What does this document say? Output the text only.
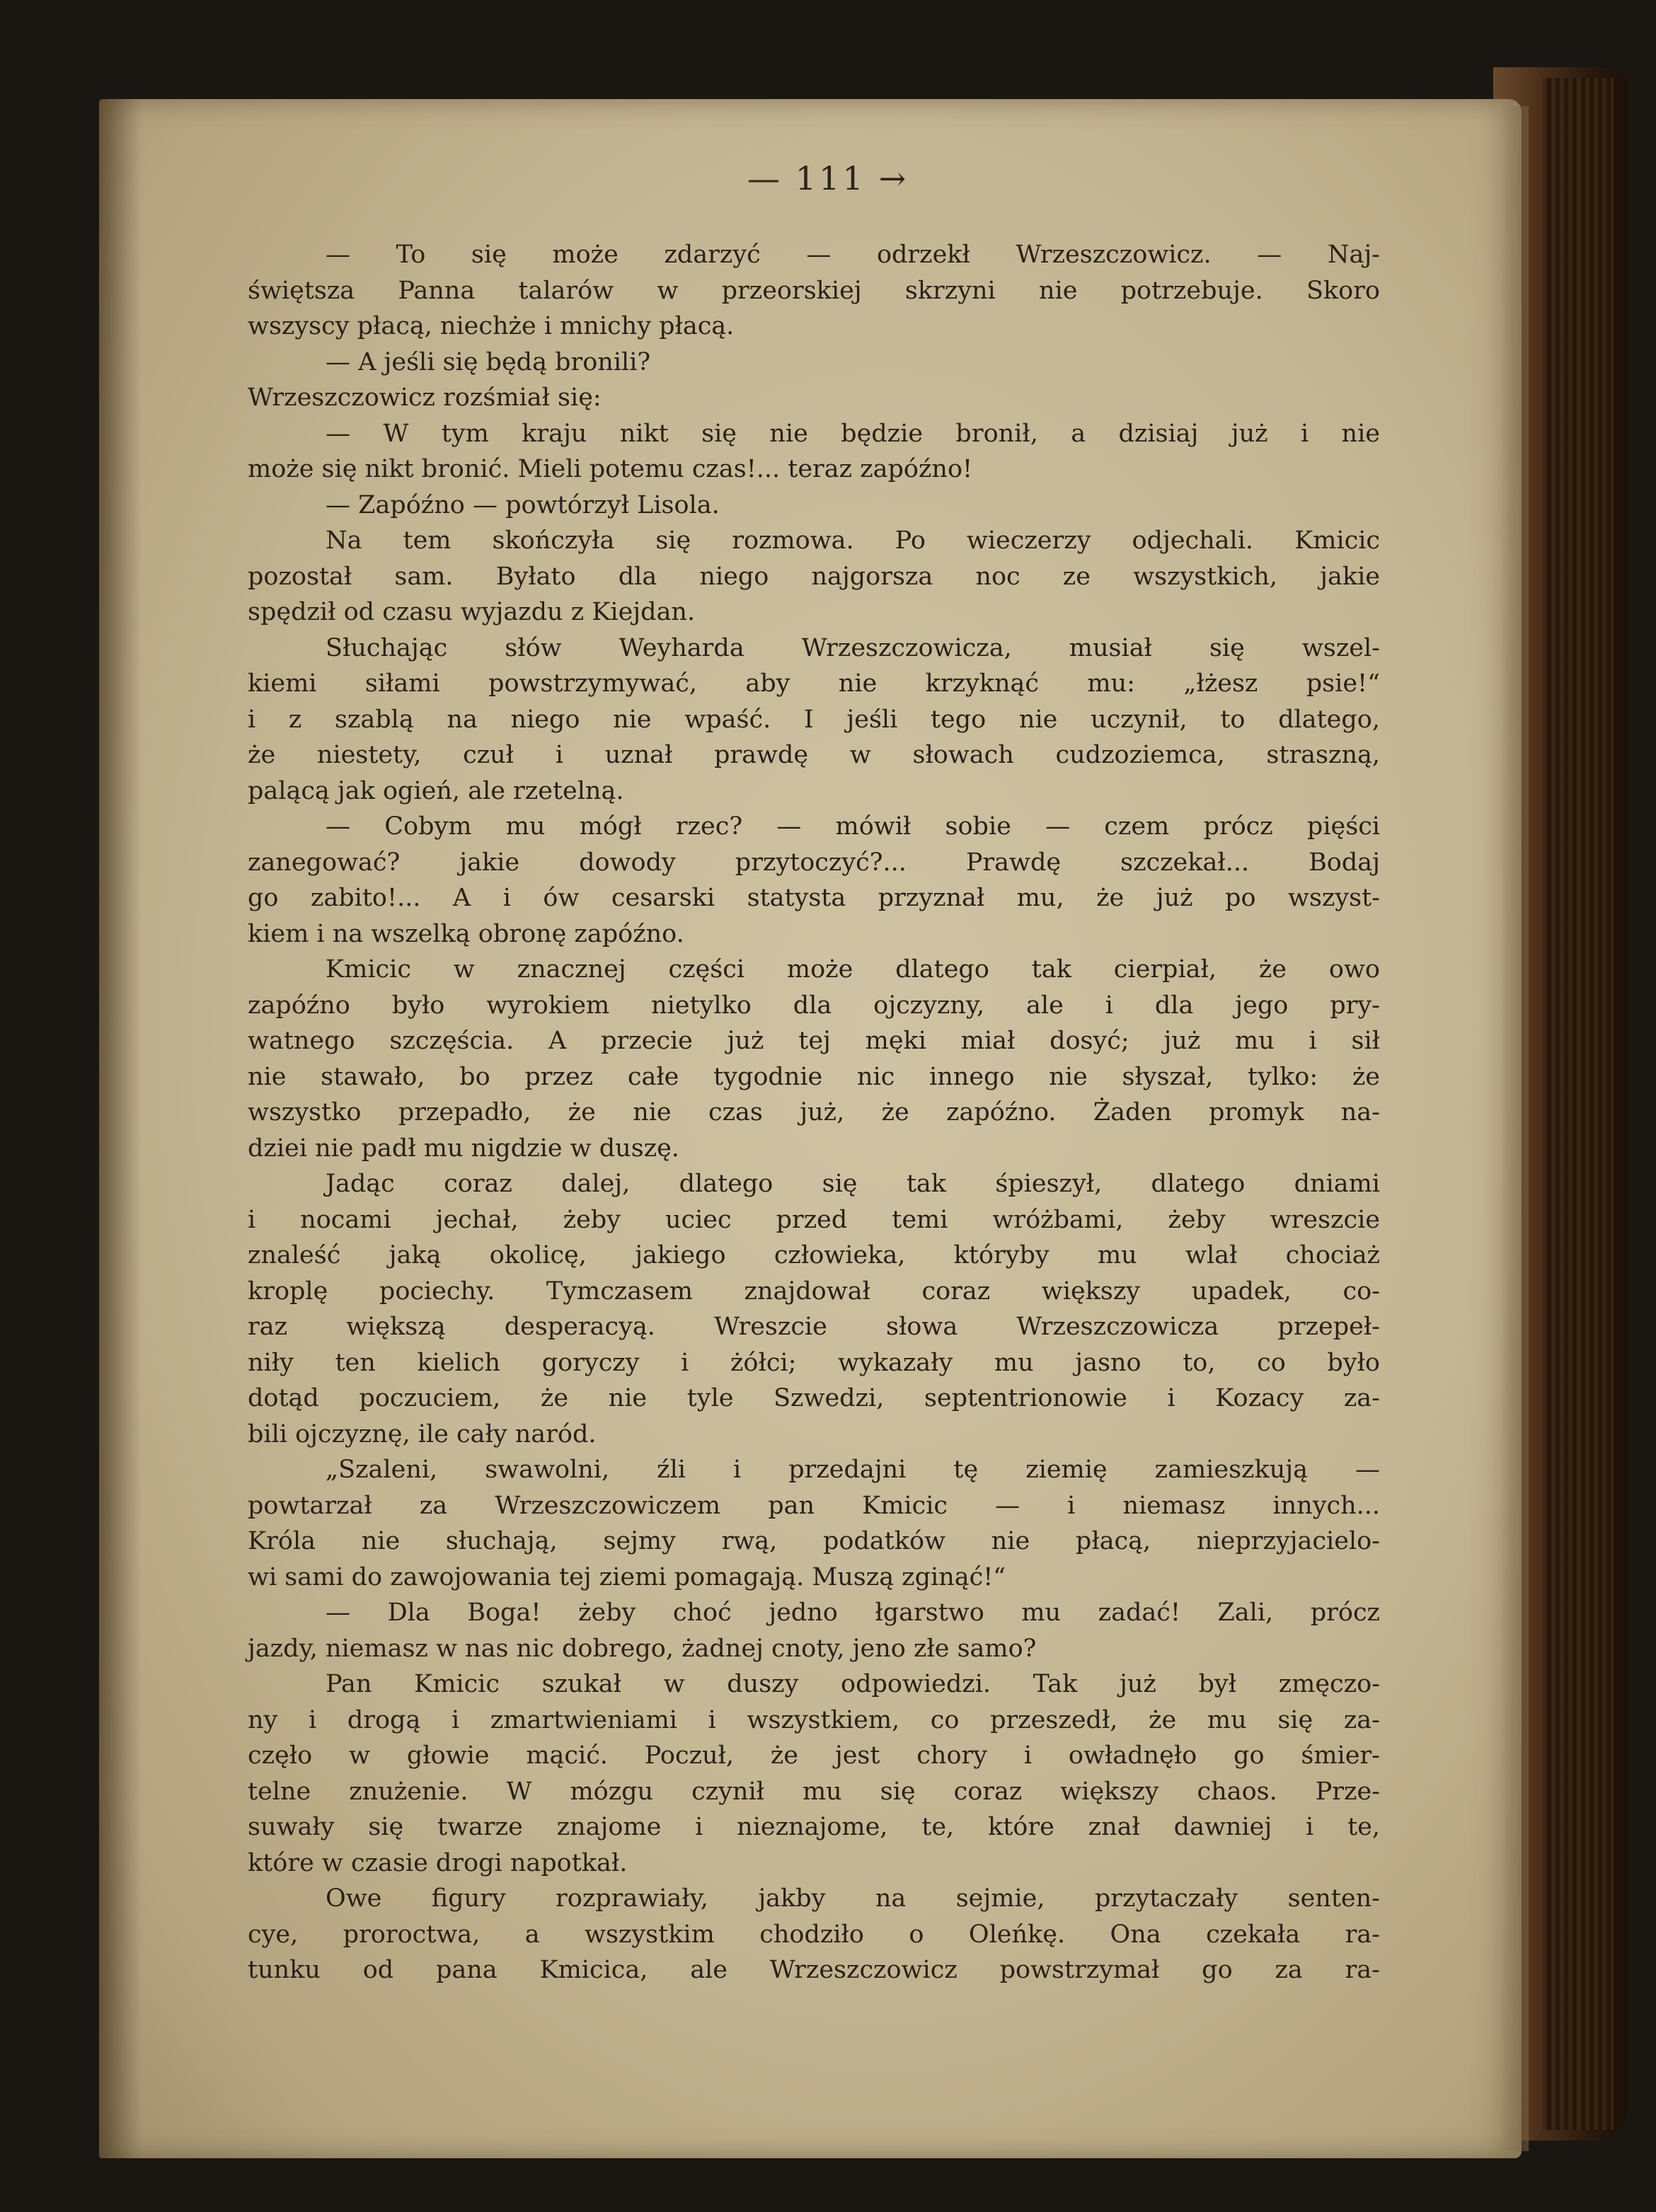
— 111 →
— To się może zdarzyć — odrzekł Wrzeszczowicz. — Naj-
świętsza Panna talarów w przeorskiej skrzyni nie potrzebuje. Skoro
wszyscy płacą, niechże i mnichy płacą.
— A jeśli się będą bronili?
Wrzeszczowicz rozśmiał się:
— W tym kraju nikt się nie będzie bronił, a dzisiaj już i nie
może się nikt bronić. Mieli potemu czas!... teraz zapóźno!
— Zapóźno — powtórzył Lisola.
Na tem skończyła się rozmowa. Po wieczerzy odjechali. Kmicic
pozostał sam. Byłato dla niego najgorsza noc ze wszystkich, jakie
spędził od czasu wyjazdu z Kiejdan.
Słuchając słów Weyharda Wrzeszczowicza, musiał się wszel-
kiemi siłami powstrzymywać, aby nie krzyknąć mu: „łżesz psie!“
i z szablą na niego nie wpaść. I jeśli tego nie uczynił, to dlatego,
że niestety, czuł i uznał prawdę w słowach cudzoziemca, straszną,
palącą jak ogień, ale rzetelną.
— Cobym mu mógł rzec? — mówił sobie — czem prócz pięści
zanegować? jakie dowody przytoczyć?... Prawdę szczekał... Bodaj
go zabito!... A i ów cesarski statysta przyznał mu, że już po wszyst-
kiem i na wszelką obronę zapóźno.
Kmicic w znacznej części może dlatego tak cierpiał, że owo
zapóźno było wyrokiem nietylko dla ojczyzny, ale i dla jego pry-
watnego szczęścia. A przecie już tej męki miał dosyć; już mu i sił
nie stawało, bo przez całe tygodnie nic innego nie słyszał, tylko: że
wszystko przepadło, że nie czas już, że zapóźno. Żaden promyk na-
dziei nie padł mu nigdzie w duszę.
Jadąc coraz dalej, dlatego się tak śpieszył, dlatego dniami
i nocami jechał, żeby uciec przed temi wróżbami, żeby wreszcie
znaleść jaką okolicę, jakiego człowieka, któryby mu wlał chociaż
kroplę pociechy. Tymczasem znajdował coraz większy upadek, co-
raz większą desperacyą. Wreszcie słowa Wrzeszczowicza przepeł-
niły ten kielich goryczy i żółci; wykazały mu jasno to, co było
dotąd poczuciem, że nie tyle Szwedzi, septentrionowie i Kozacy za-
bili ojczyznę, ile cały naród.
„Szaleni, swawolni, źli i przedajni tę ziemię zamieszkują —
powtarzał za Wrzeszczowiczem pan Kmicic — i niemasz innych...
Króla nie słuchają, sejmy rwą, podatków nie płacą, nieprzyjacielo-
wi sami do zawojowania tej ziemi pomagają. Muszą zginąć!“
— Dla Boga! żeby choć jedno łgarstwo mu zadać! Zali, prócz
jazdy, niemasz w nas nic dobrego, żadnej cnoty, jeno złe samo?
Pan Kmicic szukał w duszy odpowiedzi. Tak już był zmęczo-
ny i drogą i zmartwieniami i wszystkiem, co przeszedł, że mu się za-
częło w głowie mącić. Poczuł, że jest chory i owładnęło go śmier-
telne znużenie. W mózgu czynił mu się coraz większy chaos. Prze-
suwały się twarze znajome i nieznajome, te, które znał dawniej i te,
które w czasie drogi napotkał.
Owe figury rozprawiały, jakby na sejmie, przytaczały senten-
cye, proroctwa, a wszystkim chodziło o Oleńkę. Ona czekała ra-
tunku od pana Kmicica, ale Wrzeszczowicz powstrzymał go za ra-
